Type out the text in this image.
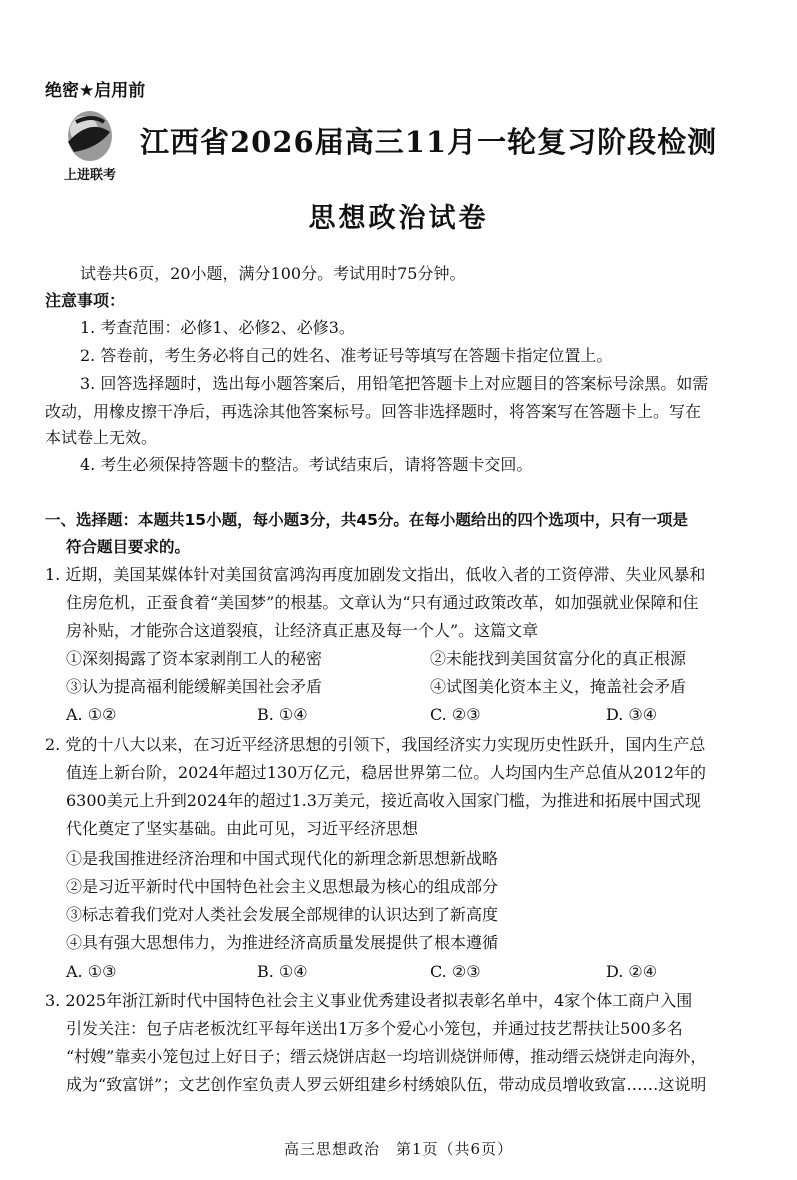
绝密★启用前
上进联考
江西省2026届高三11月一轮复习阶段检测
思想政治试卷
试卷共6页，20小题，满分100分。考试用时75分钟。
注意事项：
1. 考查范围：必修1、必修2、必修3。
2. 答卷前，考生务必将自己的姓名、准考证号等填写在答题卡指定位置上。
3. 回答选择题时，选出每小题答案后，用铅笔把答题卡上对应题目的答案标号涂黑。如需
改动，用橡皮擦干净后，再选涂其他答案标号。回答非选择题时，将答案写在答题卡上。写在
本试卷上无效。
4. 考生必须保持答题卡的整洁。考试结束后，请将答题卡交回。
一、选择题：本题共15小题，每小题3分，共45分。在每小题给出的四个选项中，只有一项是
符合题目要求的。
1. 近期，美国某媒体针对美国贫富鸿沟再度加剧发文指出，低收入者的工资停滞、失业风暴和
住房危机，正蚕食着“美国梦”的根基。文章认为“只有通过政策改革，如加强就业保障和住
房补贴，才能弥合这道裂痕，让经济真正惠及每一个人”。这篇文章
①深刻揭露了资本家剥削工人的秘密	②未能找到美国贫富分化的真正根源
③认为提高福利能缓解美国社会矛盾	④试图美化资本主义，掩盖社会矛盾
A. ①②	B. ①④	C. ②③	D. ③④
2. 党的十八大以来，在习近平经济思想的引领下，我国经济实力实现历史性跃升，国内生产总
值连上新台阶，2024年超过130万亿元，稳居世界第二位。人均国内生产总值从2012年的
6300美元上升到2024年的超过1.3万美元，接近高收入国家门槛，为推进和拓展中国式现
代化奠定了坚实基础。由此可见，习近平经济思想
①是我国推进经济治理和中国式现代化的新理念新思想新战略
②是习近平新时代中国特色社会主义思想最为核心的组成部分
③标志着我们党对人类社会发展全部规律的认识达到了新高度
④具有强大思想伟力，为推进经济高质量发展提供了根本遵循
A. ①③	B. ①④	C. ②③	D. ②④
3. 2025年浙江新时代中国特色社会主义事业优秀建设者拟表彰名单中，4家个体工商户入围
引发关注：包子店老板沈红平每年送出1万多个爱心小笼包，并通过技艺帮扶让500多名
“村嫂”靠卖小笼包过上好日子；缙云烧饼店赵一均培训烧饼师傅，推动缙云烧饼走向海外，
成为“致富饼”；文艺创作室负责人罗云妍组建乡村绣娘队伍，带动成员增收致富……这说明
高三思想政治　第1页（共6页）
